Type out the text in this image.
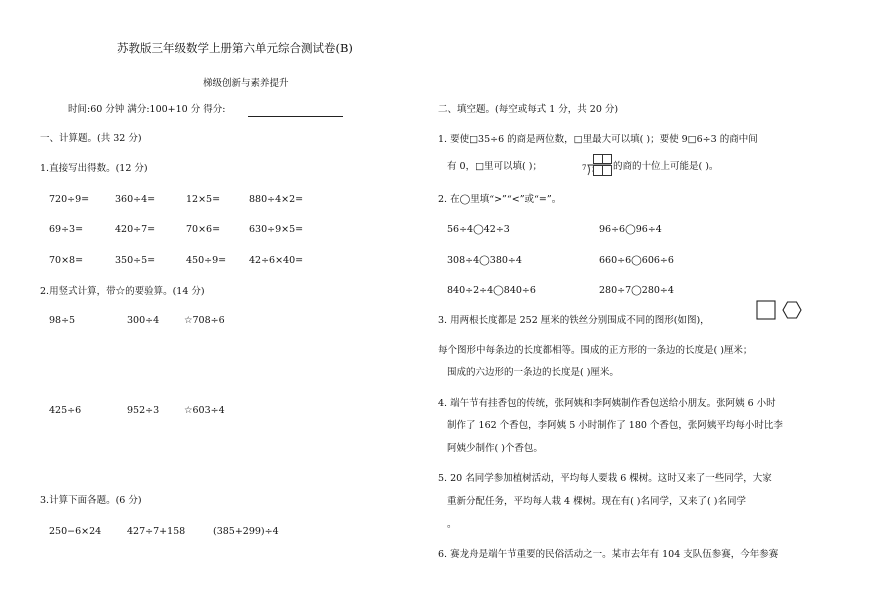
苏教版三年级数学上册第六单元综合测试卷(B)
梯级创新与素养提升
时间:60 分钟 满分:100+10 分 得分:
一、计算题。(共 32 分)
1.直接写出得数。(12 分)
720÷9=	360÷4=	12×5=	880÷4×2=
69÷3=	420÷7=	70×6=	630÷9×5=
70×8=	350÷5=	450÷9= 42÷6×40=
2.用竖式计算，带☆的要验算。(14 分)
98÷5	300÷4	☆708÷6
425÷6	952÷3	☆603÷4
3.计算下面各题。(6 分)
250−6×24	427÷7+158	(385+299)÷4
二、填空题。(每空或每式 1 分，共 20 分)
1. 要使□35÷6 的商是两位数，□里最大可以填( )；要使 9□6÷3 的商中间
有 0，□里可以填( )；	7	的商的十位上可能是( )。
2. 在◯里填“>”“<”或“=”。
56÷4◯42÷3	96÷6◯96÷4
308÷4◯380÷4	660÷6◯606÷6
840÷2÷4◯840÷6	280÷7◯280÷4
3. 用两根长度都是 252 厘米的铁丝分别围成不同的图形(如图)，
每个图形中每条边的长度都相等。围成的正方形的一条边的长度是( )厘米；
围成的六边形的一条边的长度是( )厘米。
4. 端午节有挂香包的传统，张阿姨和李阿姨制作香包送给小朋友。张阿姨 6 小时
制作了 162 个香包，李阿姨 5 小时制作了 180 个香包，张阿姨平均每小时比李
阿姨少制作( )个香包。
5. 20 名同学参加植树活动，平均每人要栽 6 棵树。这时又来了一些同学，大家
重新分配任务，平均每人栽 4 棵树。现在有( )名同学，又来了( )名同学
。
6. 赛龙舟是端午节重要的民俗活动之一。某市去年有 104 支队伍参赛，今年参赛
